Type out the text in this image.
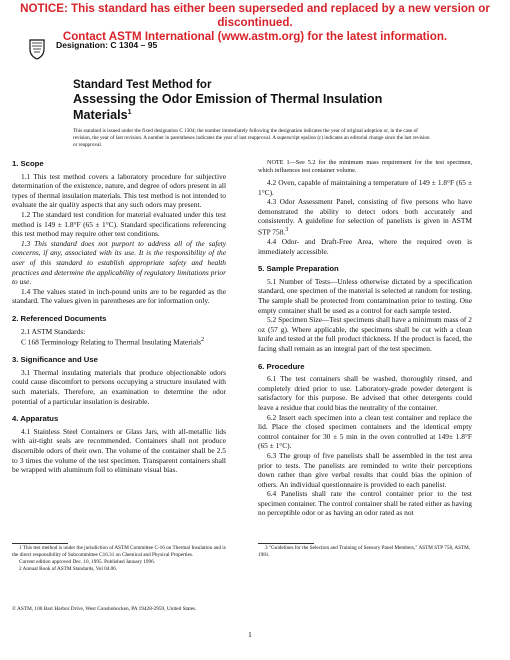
NOTICE: This standard has either been superseded and replaced by a new version or discontinued.
Contact ASTM International (www.astm.org) for the latest information.
Designation: C 1304 – 95
Standard Test Method for
Assessing the Odor Emission of Thermal Insulation
Materials$^1$
This standard is issued under the fixed designation C 1304; the number immediately following the designation indicates the year of original adoption or, in the case of revision, the year of last revision. A number in parentheses indicates the year of last reapproval. A superscript epsilon (ε) indicates an editorial change since the last revision or reapproval.
1. Scope

1.1 This test method covers a laboratory procedure for subjective determination of the existence, nature, and degree of odors present in all types of thermal insulation materials. This test method is not intended to evaluate the air quality aspects that any such odors may present.

1.2 The standard test condition for material evaluated under this test method is 149 ± 1.8°F (65 ± 1°C). Standard specifications referencing this test method may require other test conditions.

1.3 This standard does not purport to address all of the safety concerns, if any, associated with its use. It is the responsibility of the user of this standard to establish appropriate safety and health practices and determine the applicability of regulatory limitations prior to use.

1.4 The values stated in inch-pound units are to be regarded as the standard. The values given in parentheses are for information only.

2. Referenced Documents

2.1 ASTM Standards:

C 168 Terminology Relating to Thermal Insulating Materials$^2$

3. Significance and Use

3.1 Thermal insulating materials that produce objectionable odors could cause discomfort to persons occupying a structure insulated with such materials. Therefore, an examination to determine the odor potential of a particular insulation is desirable.

4. Apparatus

4.1 Stainless Steel Containers or Glass Jars, with all-metallic lids with air-tight seals are recommended. Containers shall not produce discernible odors of their own. The volume of the container shall be 2.5 to 3 times the volume of the test specimen. Transparent containers shall be wrapped with aluminum foil to eliminate visual bias.

NOTE 1—See 5.2 for the minimum mass requirement for the test specimen, which influences test container volume.

4.2 Oven, capable of maintaining a temperature of 149 ± 1.8°F (65 ± 1°C).

4.3 Odor Assessment Panel, consisting of five persons who have demonstrated the ability to detect odors both accurately and consistently. A guideline for selection of panelists is given in ASTM STP 758.$^3$

4.4 Odor- and Draft-Free Area, where the required oven is immediately accessible.

5. Sample Preparation

5.1 Number of Tests—Unless otherwise dictated by a specification standard, one specimen of the material is selected at random for testing. The sample shall be protected from contamination prior to testing. One empty container shall be used as a control for each sample tested.

5.2 Specimen Size—Test specimens shall have a minimum mass of 2 oz (57 g). Where applicable, the specimens shall be cut with a clean knife and tested at the full product thickness. If the product is faced, the facing shall remain as an integral part of the test specimen.

6. Procedure

6.1 The test containers shall be washed, thoroughly rinsed, and completely dried prior to use. Laboratory-grade powder detergent is satisfactory for this purpose. Be advised that other detergents could leave a residue that could bias the neutrality of the container.

6.2 Insert each specimen into a clean test container and replace the lid. Place the closed specimen containers and the identical empty control container for 30 ± 5 min in the oven controlled at 149± 1.8°F (65 ± 1°C).

6.3 The group of five panelists shall be assembled in the test area prior to tests. The panelists are reminded to write their perceptions down rather than give verbal results that could bias the opinion of others. An individual questionnaire is provided to each panelist.

6.4 Panelists shall rate the control container prior to the test specimen container. The control container shall be rated either as having no perceptible odor or as having an odor rated as not

1 This test method is under the jurisdiction of ASTM Committee C-16 on Thermal Insulation and is the direct responsibility of Subcommittee C16.31 on Chemical and Physical Properties.

Current edition approved Dec. 10, 1995. Published January 1996.

2 Annual Book of ASTM Standards, Vol 04.06.

3 "Guidelines for the Selection and Training of Sensory Panel Members," ASTM STP 758, ASTM, 1981.

© ASTM, 100 Barr Harbor Drive, West Conshohocken, PA 19428-2959, United States.
1
